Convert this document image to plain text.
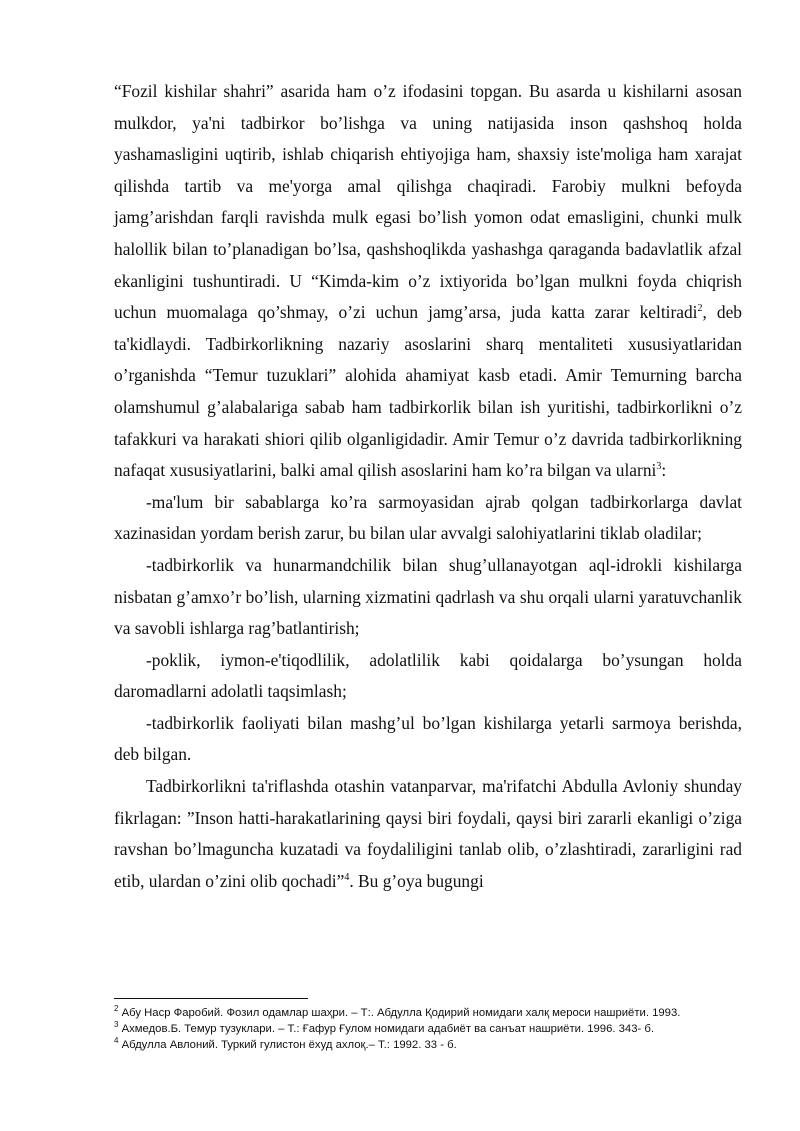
“Fozil kishilar shahri” asarida ham o’z ifodasini topgan. Bu asarda u kishilarni asosan mulkdor, ya'ni tadbirkor bo’lishga va uning natijasida inson qashshoq holda yashamasligini uqtirib, ishlab chiqarish ehtiyojiga ham, shaxsiy iste'moliga ham xarajat qilishda tartib va me'yorga amal qilishga chaqiradi. Farobiy mulkni befoyda jamg’arishdan farqli ravishda mulk egasi bo’lish yomon odat emasligini, chunki mulk halollik bilan to’planadigan bo’lsa, qashshoqlikda yashashga qaraganda badavlatlik afzal ekanligini tushuntiradi. U “Kimda-kim o’z ixtiyorida bo’lgan mulkni foyda chiqrish uchun muomalaga qo’shmay, o’zi uchun jamg’arsa, juda katta zarar keltiradi$^2$, deb ta'kidlaydi. Tadbirkorlikning nazariy asoslarini sharq mentaliteti xususiyatlaridan o’rganishda “Temur tuzuklari” alohida ahamiyat kasb etadi. Amir Temurning barcha olamshumul g’alabalariga sabab ham tadbirkorlik bilan ish yuritishi, tadbirkorlikni o’z tafakkuri va harakati shiori qilib olganligidadir. Amir Temur o’z davrida tadbirkorlikning nafaqat xususiyatlarini, balki amal qilish asoslarini ham ko’ra bilgan va ularni$^3$:

-ma'lum bir sabablarga ko’ra sarmoyasidan ajrab qolgan tadbirkorlarga davlat xazinasidan yordam berish zarur, bu bilan ular avvalgi salohiyatlarini tiklab oladilar;

-tadbirkorlik va hunarmandchilik bilan shug’ullanayotgan aql-idrokli kishilarga nisbatan g’amxo’r bo’lish, ularning xizmatini qadrlash va shu orqali ularni yaratuvchanlik va savobli ishlarga rag’batlantirish;

-poklik, iymon-e'tiqodlilik, adolatlilik kabi qoidalarga bo’ysungan holda daromadlarni adolatli taqsimlash;

-tadbirkorlik faoliyati bilan mashg’ul bo’lgan kishilarga yetarli sarmoya berishda, deb bilgan.

Tadbirkorlikni ta'riflashda otashin vatanparvar, ma'rifatchi Abdulla Avloniy shunday fikrlagan: ”Inson hatti-harakatlarining qaysi biri foydali, qaysi biri zararli ekanligi o’ziga ravshan bo’lmaguncha kuzatadi va foydaliligini tanlab olib, o’zlashtiradi, zararligini rad etib, ulardan o’zini olib qochadi”$^4$. Bu g’oya bugungi

$^2$ Абу Наср Фаробий. Фозил одамлар шаҳри. – Т:. Абдулла Қодирий номидаги халқ мероси нашриёти. 1993.
$^3$ Ахмедов.Б. Темур тузуклари. – Т.: Ғафур Ғулом номидаги адабиёт ва санъат нашриёти. 1996. 343- б.
$^4$ Абдулла Авлоний. Туркий гулистон ёхуд ахлоқ.– Т.: 1992. 33 - б.
